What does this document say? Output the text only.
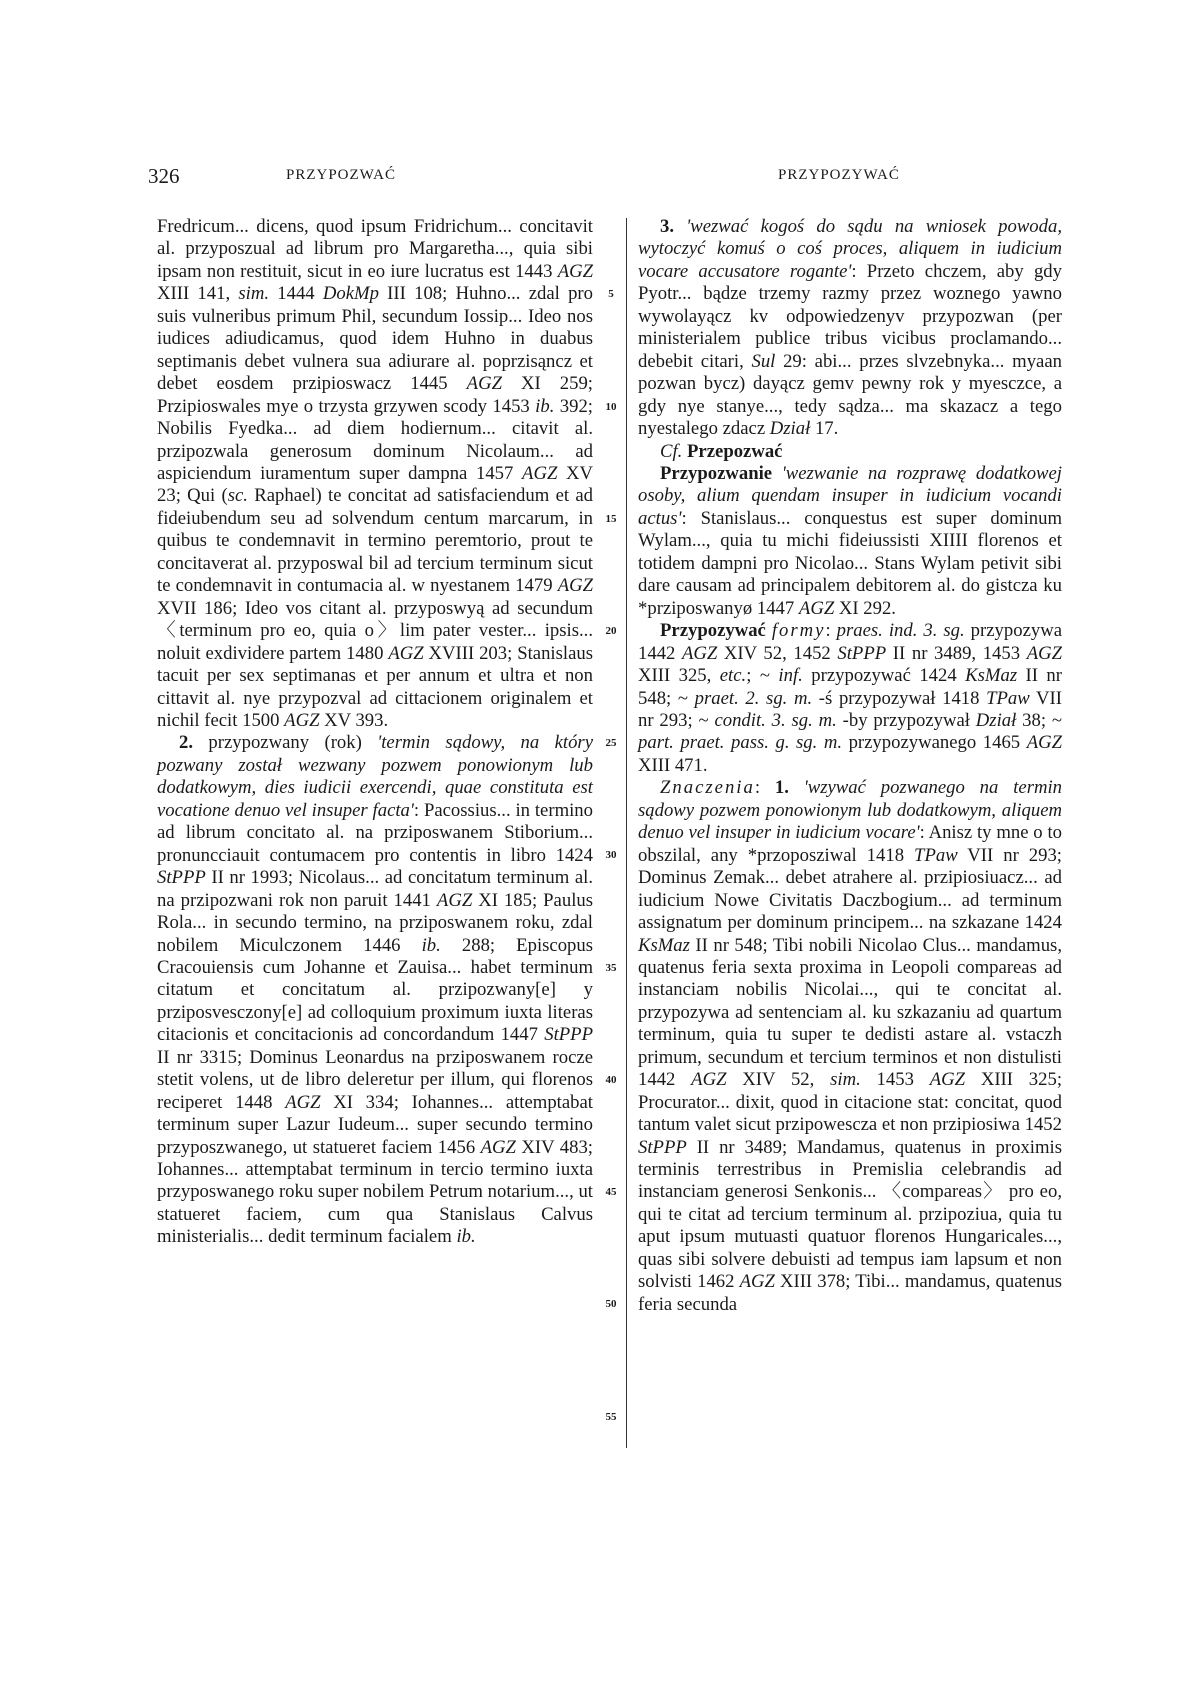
326	PRZYPOZWAĆ	PRZYPOZYWAĆ

Fredricum... dicens, quod ipsum Fridrichum... concitavit al. przyposzual ad librum pro Margaretha..., quia sibi ipsam non restituit, sicut in eo iure lucratus est 1443 AGZ XIII 141, sim. 1444 DokMp III 108; Huhno... zdal pro suis vulneribus primum Phil, secundum Iossip... Ideo nos iudices adiudicamus, quod idem Huhno in duabus septimanis debet vulnera sua adiurare al. poprzisąncz et debet eosdem przipioswacz 1445 AGZ XI 259; Przipioswales mye o trzysta grzywen scody 1453 ib. 392; Nobilis Fyedka... ad diem hodiernum... citavit al. przipozwala generosum dominum Nicolaum... ad aspiciendum iuramentum super dampna 1457 AGZ XV 23; Qui (sc. Raphael) te concitat ad satisfaciendum et ad fideiubendum seu ad solvendum centum marcarum, in quibus te condemnavit in termino peremtorio, prout te concitaverat al. przyposwal bil ad tercium terminum sicut te condemnavit in contumacia al. w nyestanem 1479 AGZ XVII 186; Ideo vos citant al. przyposwyą ad secundum 〈terminum pro eo, quia o〉lim pater vester... ipsis... noluit exdividere partem 1480 AGZ XVIII 203; Stanislaus tacuit per sex septimanas et per annum et ultra et non cittavit al. nye przypozval ad cittacionem originalem et nichil fecit 1500 AGZ XV 393.

2. przypozwany (rok) 'termin sądowy, na który pozwany został wezwany pozwem ponowionym lub dodatkowym, dies iudicii exercendi, quae constituta est vocatione denuo vel insuper facta': Pacossius... in termino ad librum concitato al. na prziposwanem Stiborium... pronuncciauit contumacem pro contentis in libro 1424 StPPP II nr 1993; Nicolaus... ad concitatum terminum al. na przipozwani rok non paruit 1441 AGZ XI 185; Paulus Rola... in secundo termino, na prziposwanem roku, zdal nobilem Miculczonem 1446 ib. 288; Episcopus Cracouiensis cum Johanne et Zauisa... habet terminum citatum et concitatum al. przipozwany[e] y prziposvesczony[e] ad colloquium proximum iuxta literas citacionis et concitacionis ad concordandum 1447 StPPP II nr 3315; Dominus Leonardus na prziposwanem rocze stetit volens, ut de libro deleretur per illum, qui florenos reciperet 1448 AGZ XI 334; Iohannes... attemptabat terminum super Lazur Iudeum... super secundo termino przyposzwanego, ut statueret faciem 1456 AGZ XIV 483; Iohannes... attemptabat terminum in tercio termino iuxta przyposwanego roku super nobilem Petrum notarium..., ut statueret faciem, cum qua Stanislaus Calvus ministerialis... dedit terminum facialem ib.

5
10
15
20
25
30
35
40
45
50
55

3. 'wezwać kogoś do sądu na wniosek powoda, wytoczyć komuś o coś proces, aliquem in iudicium vocare accusatore rogante': Przeto chczem, aby gdy Pyotr... bądze trzemy razmy przez woznego yawno wywolayącz kv odpowiedzenyv przypozwan (per ministerialem publice tribus vicibus proclamando... debebit citari, Sul 29: abi... przes slvzebnyka... myaan pozwan bycz) dayącz gemv pewny rok y myesczce, a gdy nye stanye..., tedy sądza... ma skazacz a tego nyestalego zdacz Dział 17.

Cf. Przepozwać

Przypozwanie 'wezwanie na rozprawę dodatkowej osoby, alium quendam insuper in iudicium vocandi actus': Stanislaus... conquestus est super dominum Wylam..., quia tu michi fideiussisti XIIII florenos et totidem dampni pro Nicolao... Stans Wylam petivit sibi dare causam ad principalem debitorem al. do gistcza ku *prziposwanyø 1447 AGZ XI 292.

Przypozywać formy: praes. ind. 3. sg. przypozywa 1442 AGZ XIV 52, 1452 StPPP II nr 3489, 1453 AGZ XIII 325, etc.; ~ inf. przypozywać 1424 KsMaz II nr 548; ~ praet. 2. sg. m. -ś przypozywał 1418 TPaw VII nr 293; ~ condit. 3. sg. m. -by przypozywał Dział 38; ~ part. praet. pass. g. sg. m. przypozywanego 1465 AGZ XIII 471.

Znaczenia: 1. 'wzywać pozwanego na termin sądowy pozwem ponowionym lub dodatkowym, aliquem denuo vel insuper in iudicium vocare': Anisz ty mne o to obszilal, any *przoposziwal 1418 TPaw VII nr 293; Dominus Zemak... debet atrahere al. przipiosiuacz... ad iudicium Nowe Civitatis Daczbogium... ad terminum assignatum per dominum principem... na szkazane 1424 KsMaz II nr 548; Tibi nobili Nicolao Clus... mandamus, quatenus feria sexta proxima in Leopoli compareas ad instanciam nobilis Nicolai..., qui te concitat al. przypozywa ad sentenciam al. ku szkazaniu ad quartum terminum, quia tu super te dedisti astare al. vstaczh primum, secundum et tercium terminos et non distulisti 1442 AGZ XIV 52, sim. 1453 AGZ XIII 325; Procurator... dixit, quod in citacione stat: concitat, quod tantum valet sicut przipowescza et non przipiosiwa 1452 StPPP II nr 3489; Mandamus, quatenus in proximis terminis terrestribus in Premislia celebrandis ad instanciam generosi Senkonis... 〈compareas〉 pro eo, qui te citat ad tercium terminum al. przipoziua, quia tu aput ipsum mutuasti quatuor florenos Hungaricales..., quas sibi solvere debuisti ad tempus iam lapsum et non solvisti 1462 AGZ XIII 378; Tibi... mandamus, quatenus feria secunda
